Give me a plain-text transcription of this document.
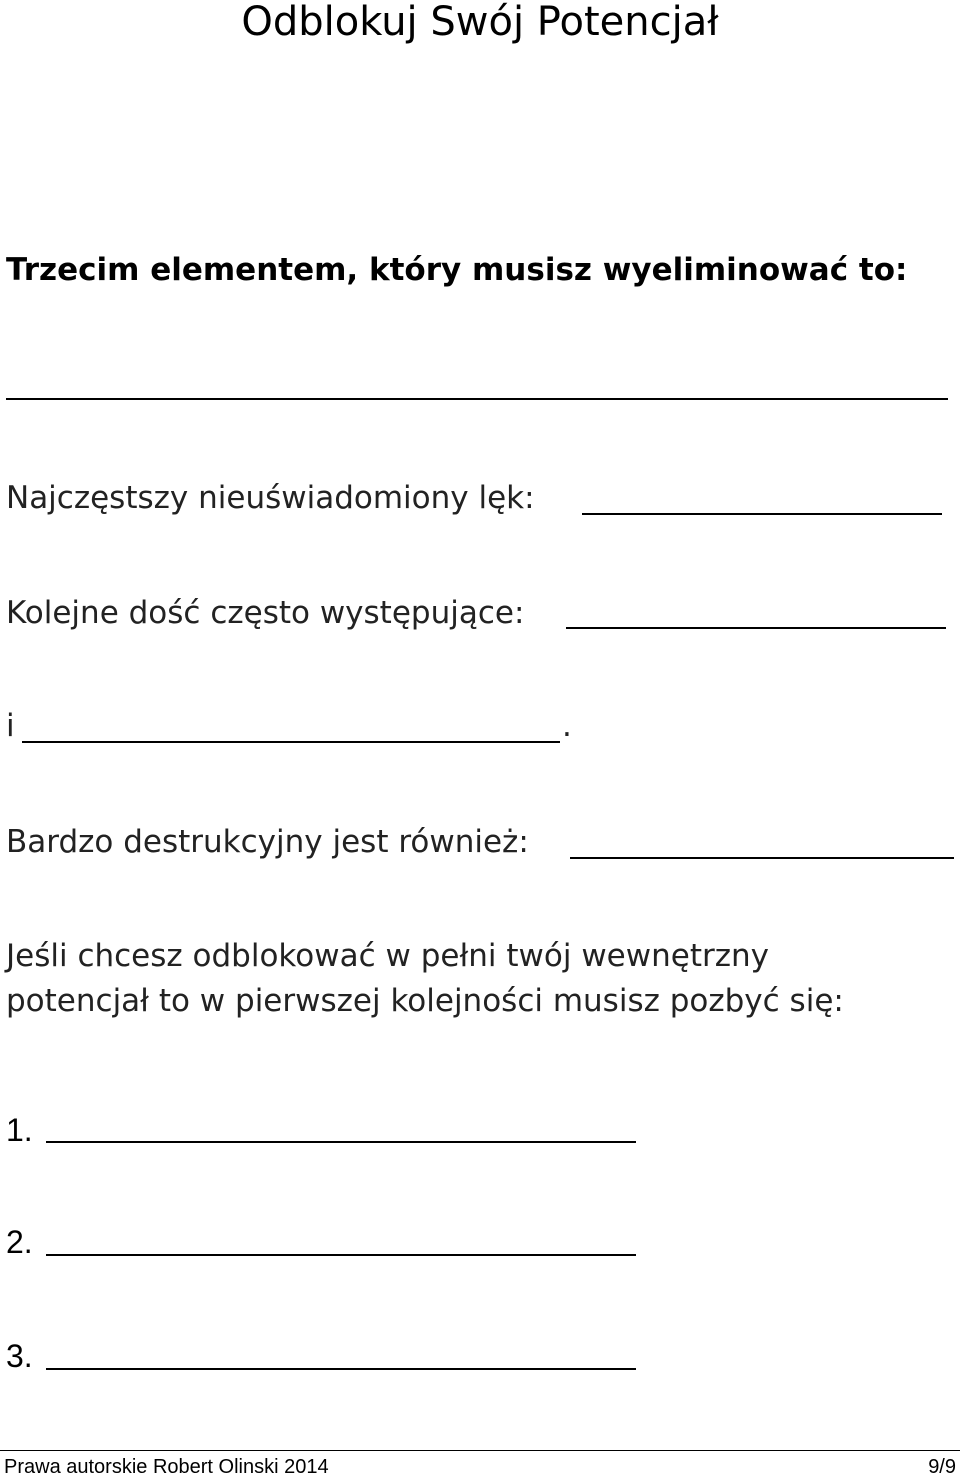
Odblokuj Swój Potencjał
Trzecim elementem, który musisz wyeliminować to:
Najczęstszy nieuświadomiony lęk:
Kolejne dość często występujące:
i	.
Bardzo destrukcyjny jest również:
Jeśli chcesz odblokować w pełni twój wewnętrzny
potencjał to w pierwszej kolejności musisz pozbyć się:
1.
2.
3.
Prawa autorskie Robert Olinski 2014	9/9
